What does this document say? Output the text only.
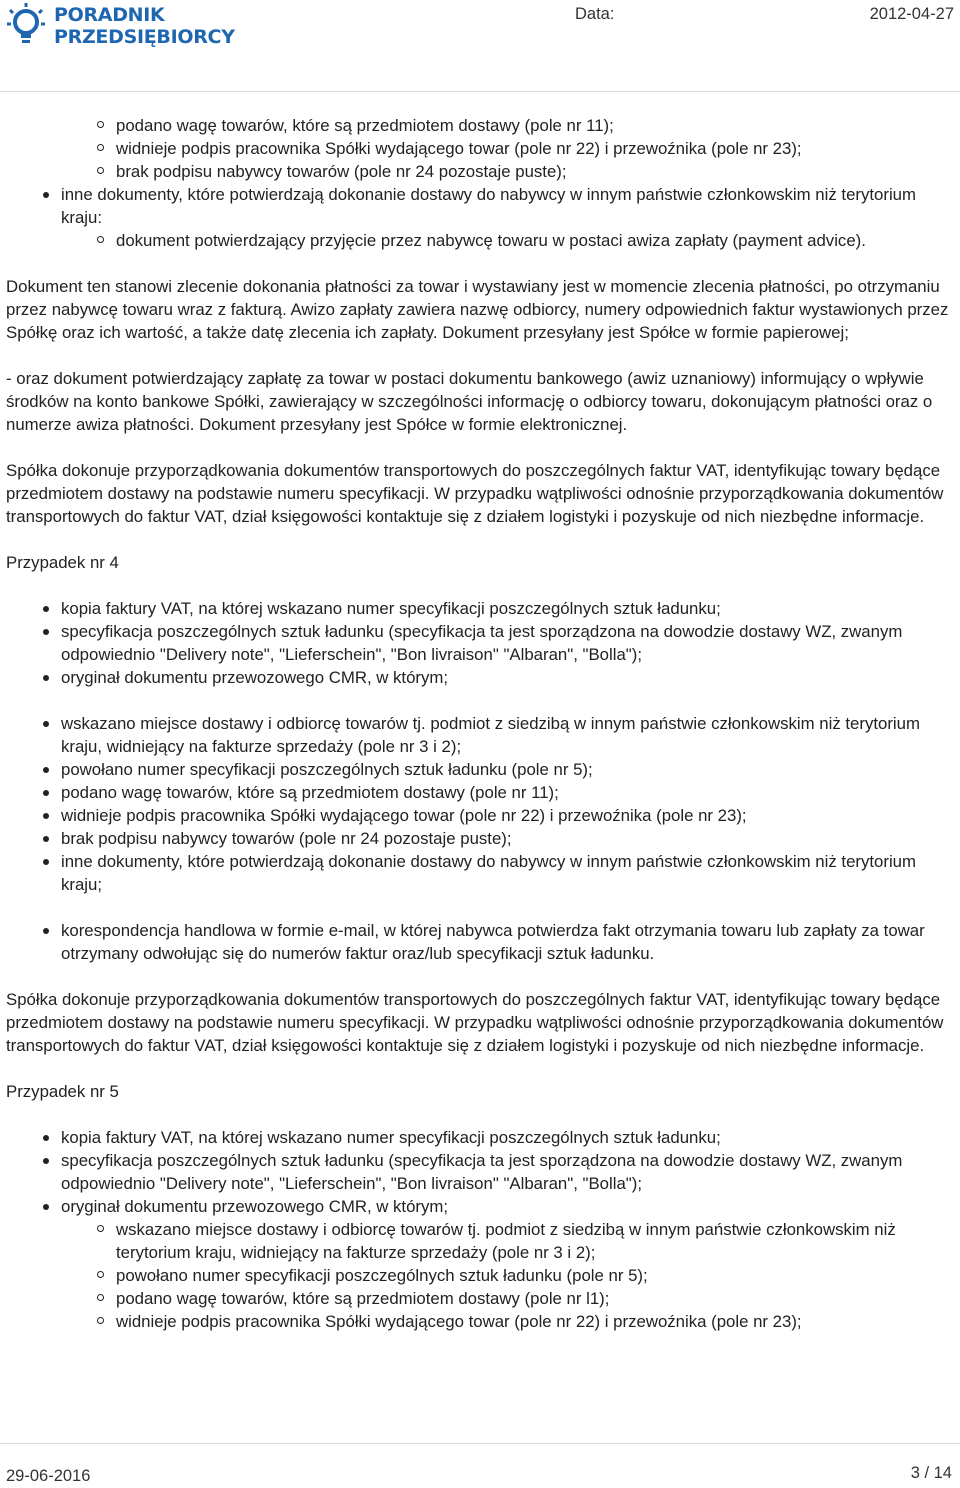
PORADNIK
PRZEDSIĘBIORCY
Data:	2012-04-27
podano wagę towarów, które są przedmiotem dostawy (pole nr 11);
widnieje podpis pracownika Spółki wydającego towar (pole nr 22) i przewoźnika (pole nr 23);
brak podpisu nabywcy towarów (pole nr 24 pozostaje puste);
inne dokumenty, które potwierdzają dokonanie dostawy do nabywcy w innym państwie członkowskim niż terytorium kraju:
dokument potwierdzający przyjęcie przez nabywcę towaru w postaci awiza zapłaty (payment advice).

Dokument ten stanowi zlecenie dokonania płatności za towar i wystawiany jest w momencie zlecenia płatności, po otrzymaniu przez nabywcę towaru wraz z fakturą. Awizo zapłaty zawiera nazwę odbiorcy, numery odpowiednich faktur wystawionych przez Spółkę oraz ich wartość, a także datę zlecenia ich zapłaty. Dokument przesyłany jest Spółce w formie papierowej;

- oraz dokument potwierdzający zapłatę za towar w postaci dokumentu bankowego (awiz uznaniowy) informujący o wpływie środków na konto bankowe Spółki, zawierający w szczególności informację o odbiorcy towaru, dokonującym płatności oraz o numerze awiza płatności. Dokument przesyłany jest Spółce w formie elektronicznej.

Spółka dokonuje przyporządkowania dokumentów transportowych do poszczególnych faktur VAT, identyfikując towary będące przedmiotem dostawy na podstawie numeru specyfikacji. W przypadku wątpliwości odnośnie przyporządkowania dokumentów transportowych do faktur VAT, dział księgowości kontaktuje się z działem logistyki i pozyskuje od nich niezbędne informacje.

Przypadek nr 4

kopia faktury VAT, na której wskazano numer specyfikacji poszczególnych sztuk ładunku;
specyfikacja poszczególnych sztuk ładunku (specyfikacja ta jest sporządzona na dowodzie dostawy WZ, zwanym odpowiednio "Delivery note", "Lieferschein", "Bon livraison" "Albaran", "Bolla");
oryginał dokumentu przewozowego CMR, w którym;
wskazano miejsce dostawy i odbiorcę towarów tj. podmiot z siedzibą w innym państwie członkowskim niż terytorium kraju, widniejący na fakturze sprzedaży (pole nr 3 i 2);
powołano numer specyfikacji poszczególnych sztuk ładunku (pole nr 5);
podano wagę towarów, które są przedmiotem dostawy (pole nr 11);
widnieje podpis pracownika Spółki wydającego towar (pole nr 22) i przewoźnika (pole nr 23);
brak podpisu nabywcy towarów (pole nr 24 pozostaje puste);
inne dokumenty, które potwierdzają dokonanie dostawy do nabywcy w innym państwie członkowskim niż terytorium kraju;
korespondencja handlowa w formie e-mail, w której nabywca potwierdza fakt otrzymania towaru lub zapłaty za towar otrzymany odwołując się do numerów faktur oraz/lub specyfikacji sztuk ładunku.

Spółka dokonuje przyporządkowania dokumentów transportowych do poszczególnych faktur VAT, identyfikując towary będące przedmiotem dostawy na podstawie numeru specyfikacji. W przypadku wątpliwości odnośnie przyporządkowania dokumentów transportowych do faktur VAT, dział księgowości kontaktuje się z działem logistyki i pozyskuje od nich niezbędne informacje.

Przypadek nr 5

kopia faktury VAT, na której wskazano numer specyfikacji poszczególnych sztuk ładunku;
specyfikacja poszczególnych sztuk ładunku (specyfikacja ta jest sporządzona na dowodzie dostawy WZ, zwanym odpowiednio "Delivery note", "Lieferschein", "Bon livraison" "Albaran", "Bolla");
oryginał dokumentu przewozowego CMR, w którym;
wskazano miejsce dostawy i odbiorcę towarów tj. podmiot z siedzibą w innym państwie członkowskim niż terytorium kraju, widniejący na fakturze sprzedaży (pole nr 3 i 2);
powołano numer specyfikacji poszczególnych sztuk ładunku (pole nr 5);
podano wagę towarów, które są przedmiotem dostawy (pole nr l1);
widnieje podpis pracownika Spółki wydającego towar (pole nr 22) i przewoźnika (pole nr 23);
29-06-2016	3 / 14
